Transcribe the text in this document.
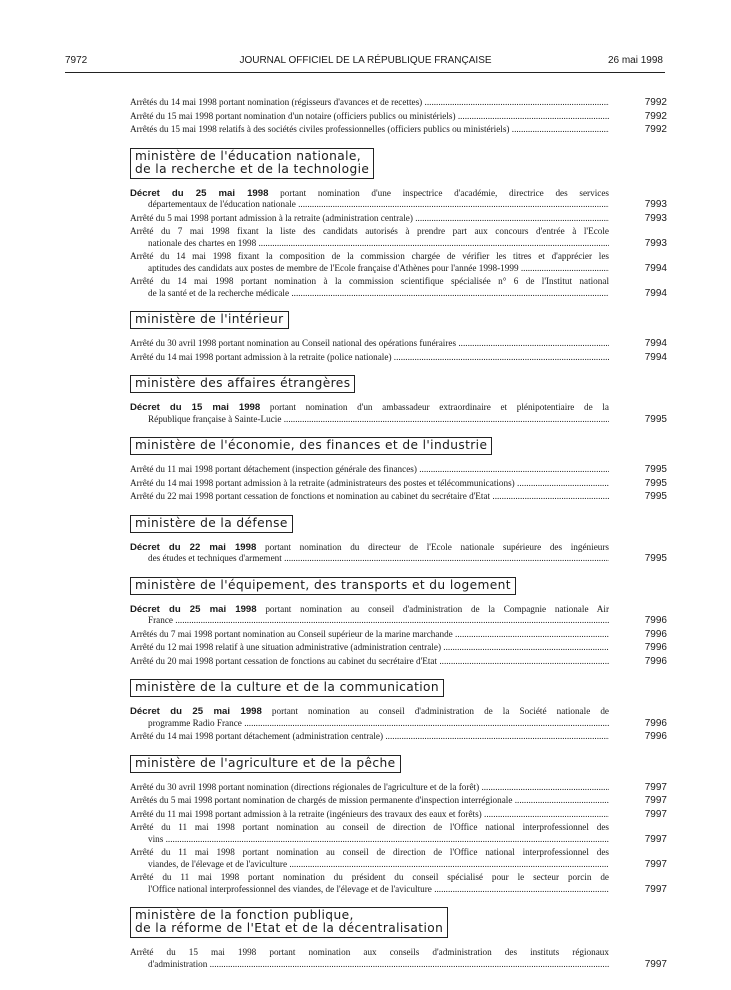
7972	JOURNAL OFFICIEL DE LA RÉPUBLIQUE FRANÇAISE	26 mai 1998
Arrêtés du 14 mai 1998 portant nomination (régisseurs d'avances et de recettes) .....	7992
Arrêté du 15 mai 1998 portant nomination d'un notaire (officiers publics ou ministériels) .....	7992
Arrêtés du 15 mai 1998 relatifs à des sociétés civiles professionnelles (officiers publics ou ministériels) .....	7992
ministère de l'éducation nationale,
de la recherche et de la technologie
Décret du 25 mai 1998 portant nomination d'une inspectrice d'académie, directrice des services
départementaux de l'éducation nationale .....	7993
Arrêté du 5 mai 1998 portant admission à la retraite (administration centrale) .....	7993
Arrêté du 7 mai 1998 fixant la liste des candidats autorisés à prendre part aux concours d'entrée à l'Ecole
nationale des chartes en 1998 .....	7993
Arrêté du 14 mai 1998 fixant la composition de la commission chargée de vérifier les titres et d'apprécier les
aptitudes des candidats aux postes de membre de l'Ecole française d'Athènes pour l'année 1998-1999 .....	7994
Arrêté du 14 mai 1998 portant nomination à la commission scientifique spécialisée n° 6 de l'Institut national
de la santé et de la recherche médicale .....	7994
ministère de l'intérieur
Arrêté du 30 avril 1998 portant nomination au Conseil national des opérations funéraires .....	7994
Arrêté du 14 mai 1998 portant admission à la retraite (police nationale) .....	7994
ministère des affaires étrangères
Décret du 15 mai 1998 portant nomination d'un ambassadeur extraordinaire et plénipotentiaire de la
République française à Sainte-Lucie .....	7995
ministère de l'économie, des finances et de l'industrie
Arrêté du 11 mai 1998 portant détachement (inspection générale des finances) .....	7995
Arrêté du 14 mai 1998 portant admission à la retraite (administrateurs des postes et télécommunications) .....	7995
Arrêté du 22 mai 1998 portant cessation de fonctions et nomination au cabinet du secrétaire d'Etat .....	7995
ministère de la défense
Décret du 22 mai 1998 portant nomination du directeur de l'Ecole nationale supérieure des ingénieurs
des études et techniques d'armement .....	7995
ministère de l'équipement, des transports et du logement
Décret du 25 mai 1998 portant nomination au conseil d'administration de la Compagnie nationale Air
France .....	7996
Arrêtés du 7 mai 1998 portant nomination au Conseil supérieur de la marine marchande .....	7996
Arrêté du 12 mai 1998 relatif à une situation administrative (administration centrale) .....	7996
Arrêté du 20 mai 1998 portant cessation de fonctions au cabinet du secrétaire d'Etat .....	7996
ministère de la culture et de la communication
Décret du 25 mai 1998 portant nomination au conseil d'administration de la Société nationale de
programme Radio France .....	7996
Arrêté du 14 mai 1998 portant détachement (administration centrale) .....	7996
ministère de l'agriculture et de la pêche
Arrêté du 30 avril 1998 portant nomination (directions régionales de l'agriculture et de la forêt) .....	7997
Arrêtés du 5 mai 1998 portant nomination de chargés de mission permanente d'inspection interrégionale .....	7997
Arrêté du 11 mai 1998 portant admission à la retraite (ingénieurs des travaux des eaux et forêts) .....	7997
Arrêté du 11 mai 1998 portant nomination au conseil de direction de l'Office national interprofessionnel des
vins .....	7997
Arrêté du 11 mai 1998 portant nomination au conseil de direction de l'Office national interprofessionnel des
viandes, de l'élevage et de l'aviculture .....	7997
Arrêté du 11 mai 1998 portant nomination du président du conseil spécialisé pour le secteur porcin de
l'Office national interprofessionnel des viandes, de l'élevage et de l'aviculture .....	7997
ministère de la fonction publique,
de la réforme de l'Etat et de la décentralisation
Arrêté du 15 mai 1998 portant nomination aux conseils d'administration des instituts régionaux
d'administration .....	7997
